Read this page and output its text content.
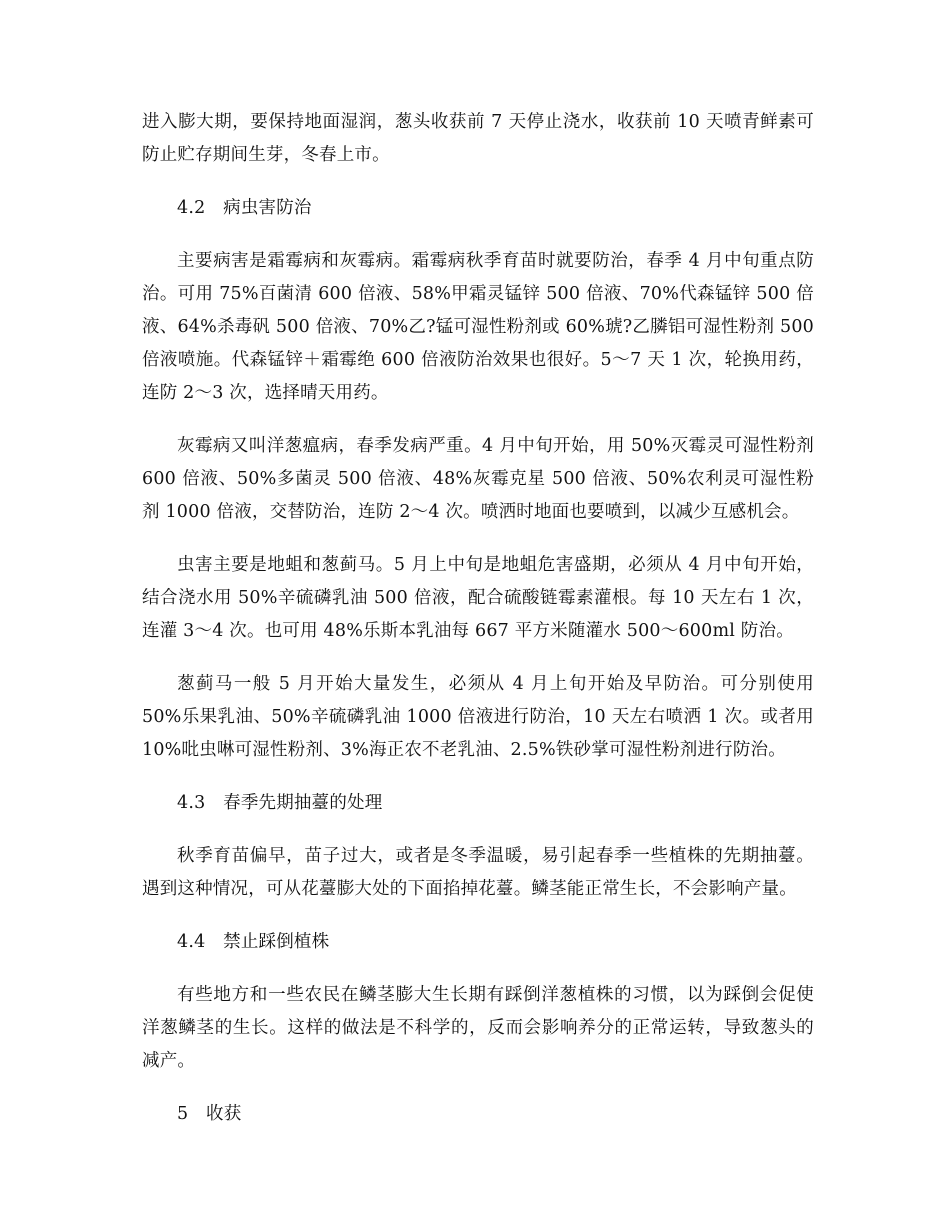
进入膨大期，要保持地面湿润，葱头收获前 7 天停止浇水，收获前 10 天喷青鲜素可防止贮存期间生芽，冬春上市。

4.2　病虫害防治

主要病害是霜霉病和灰霉病。霜霉病秋季育苗时就要防治，春季 4 月中旬重点防治。可用 75%百菌清 600 倍液、58%甲霜灵锰锌 500 倍液、70%代森锰锌 500 倍液、64%杀毒矾 500 倍液、70%乙?锰可湿性粉剂或 60%琥?乙膦铝可湿性粉剂 500 倍液喷施。代森锰锌＋霜霉绝 600 倍液防治效果也很好。5～7 天 1 次，轮换用药，连防 2～3 次，选择晴天用药。

灰霉病又叫洋葱瘟病，春季发病严重。4 月中旬开始，用 50%灭霉灵可湿性粉剂 600 倍液、50%多菌灵 500 倍液、48%灰霉克星 500 倍液、50%农利灵可湿性粉剂 1000 倍液，交替防治，连防 2～4 次。喷洒时地面也要喷到，以减少互感机会。

虫害主要是地蛆和葱蓟马。5 月上中旬是地蛆危害盛期，必须从 4 月中旬开始，结合浇水用 50%辛硫磷乳油 500 倍液，配合硫酸链霉素灌根。每 10 天左右 1 次，连灌 3～4 次。也可用 48%乐斯本乳油每 667 平方米随灌水 500～600ml 防治。

葱蓟马一般 5 月开始大量发生，必须从 4 月上旬开始及早防治。可分别使用 50%乐果乳油、50%辛硫磷乳油 1000 倍液进行防治，10 天左右喷洒 1 次。或者用 10%吡虫啉可湿性粉剂、3%海正农不老乳油、2.5%铁砂掌可湿性粉剂进行防治。

4.3　春季先期抽薹的处理

秋季育苗偏早，苗子过大，或者是冬季温暖，易引起春季一些植株的先期抽薹。遇到这种情况，可从花薹膨大处的下面掐掉花薹。鳞茎能正常生长，不会影响产量。

4.4　禁止踩倒植株

有些地方和一些农民在鳞茎膨大生长期有踩倒洋葱植株的习惯，以为踩倒会促使洋葱鳞茎的生长。这样的做法是不科学的，反而会影响养分的正常运转，导致葱头的减产。

5　收获
